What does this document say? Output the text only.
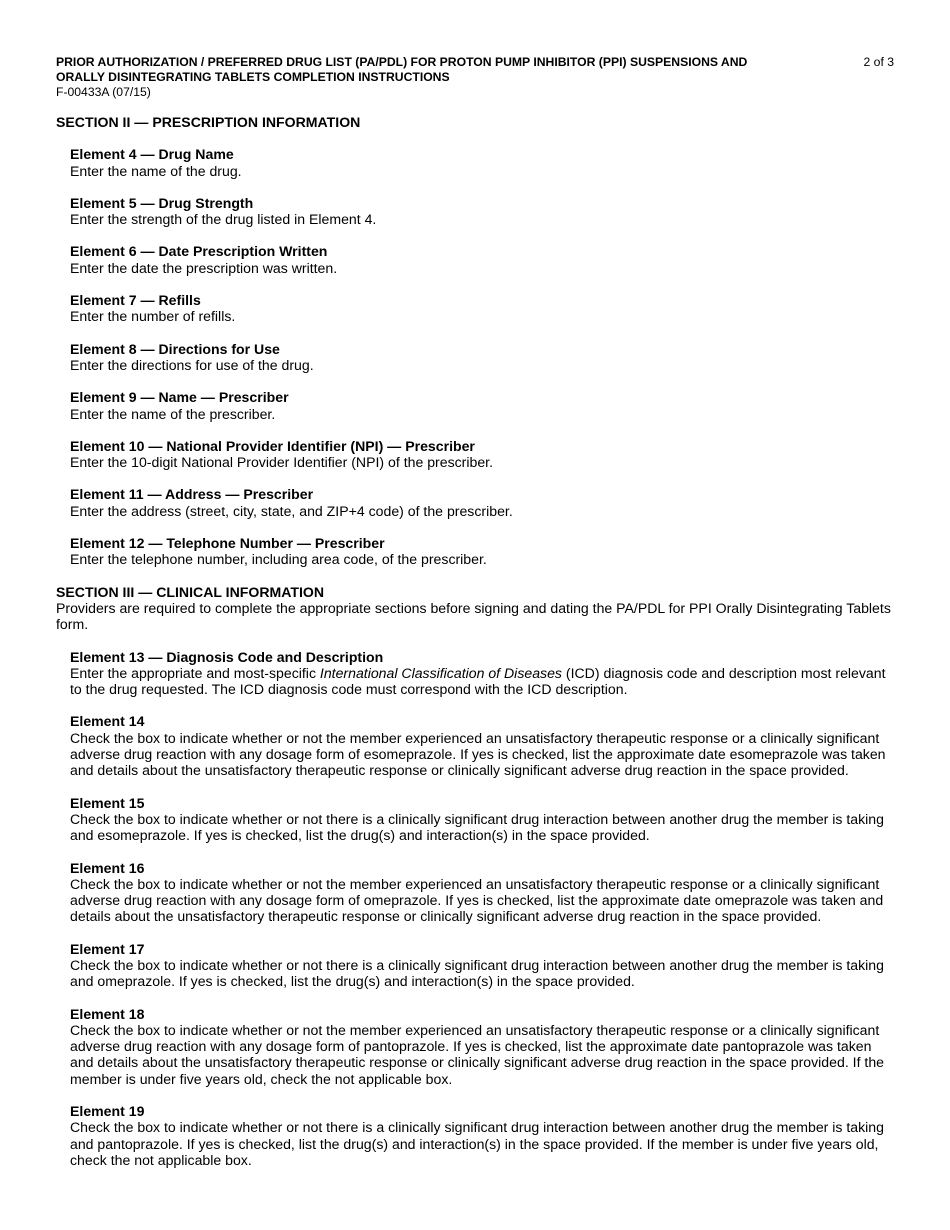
PRIOR AUTHORIZATION / PREFERRED DRUG LIST (PA/PDL) FOR PROTON PUMP INHIBITOR (PPI) SUSPENSIONS AND
ORALLY DISINTEGRATING TABLETS COMPLETION INSTRUCTIONS
F-00433A (07/15)
2 of 3
SECTION II — PRESCRIPTION INFORMATION
Element 4 — Drug Name
Enter the name of the drug.
Element 5 — Drug Strength
Enter the strength of the drug listed in Element 4.
Element 6 — Date Prescription Written
Enter the date the prescription was written.
Element 7 — Refills
Enter the number of refills.
Element 8 — Directions for Use
Enter the directions for use of the drug.
Element 9 — Name — Prescriber
Enter the name of the prescriber.
Element 10 — National Provider Identifier (NPI) — Prescriber
Enter the 10-digit National Provider Identifier (NPI) of the prescriber.
Element 11 — Address — Prescriber
Enter the address (street, city, state, and ZIP+4 code) of the prescriber.
Element 12 — Telephone Number — Prescriber
Enter the telephone number, including area code, of the prescriber.
SECTION III — CLINICAL INFORMATION
Providers are required to complete the appropriate sections before signing and dating the PA/PDL for PPI Orally Disintegrating Tablets form.
Element 13 — Diagnosis Code and Description
Enter the appropriate and most-specific International Classification of Diseases (ICD) diagnosis code and description most relevant to the drug requested. The ICD diagnosis code must correspond with the ICD description.
Element 14
Check the box to indicate whether or not the member experienced an unsatisfactory therapeutic response or a clinically significant adverse drug reaction with any dosage form of esomeprazole. If yes is checked, list the approximate date esomeprazole was taken and details about the unsatisfactory therapeutic response or clinically significant adverse drug reaction in the space provided.
Element 15
Check the box to indicate whether or not there is a clinically significant drug interaction between another drug the member is taking and esomeprazole. If yes is checked, list the drug(s) and interaction(s) in the space provided.
Element 16
Check the box to indicate whether or not the member experienced an unsatisfactory therapeutic response or a clinically significant adverse drug reaction with any dosage form of omeprazole. If yes is checked, list the approximate date omeprazole was taken and details about the unsatisfactory therapeutic response or clinically significant adverse drug reaction in the space provided.
Element 17
Check the box to indicate whether or not there is a clinically significant drug interaction between another drug the member is taking and omeprazole. If yes is checked, list the drug(s) and interaction(s) in the space provided.
Element 18
Check the box to indicate whether or not the member experienced an unsatisfactory therapeutic response or a clinically significant adverse drug reaction with any dosage form of pantoprazole. If yes is checked, list the approximate date pantoprazole was taken and details about the unsatisfactory therapeutic response or clinically significant adverse drug reaction in the space provided. If the member is under five years old, check the not applicable box.
Element 19
Check the box to indicate whether or not there is a clinically significant drug interaction between another drug the member is taking and pantoprazole. If yes is checked, list the drug(s) and interaction(s) in the space provided. If the member is under five years old, check the not applicable box.
